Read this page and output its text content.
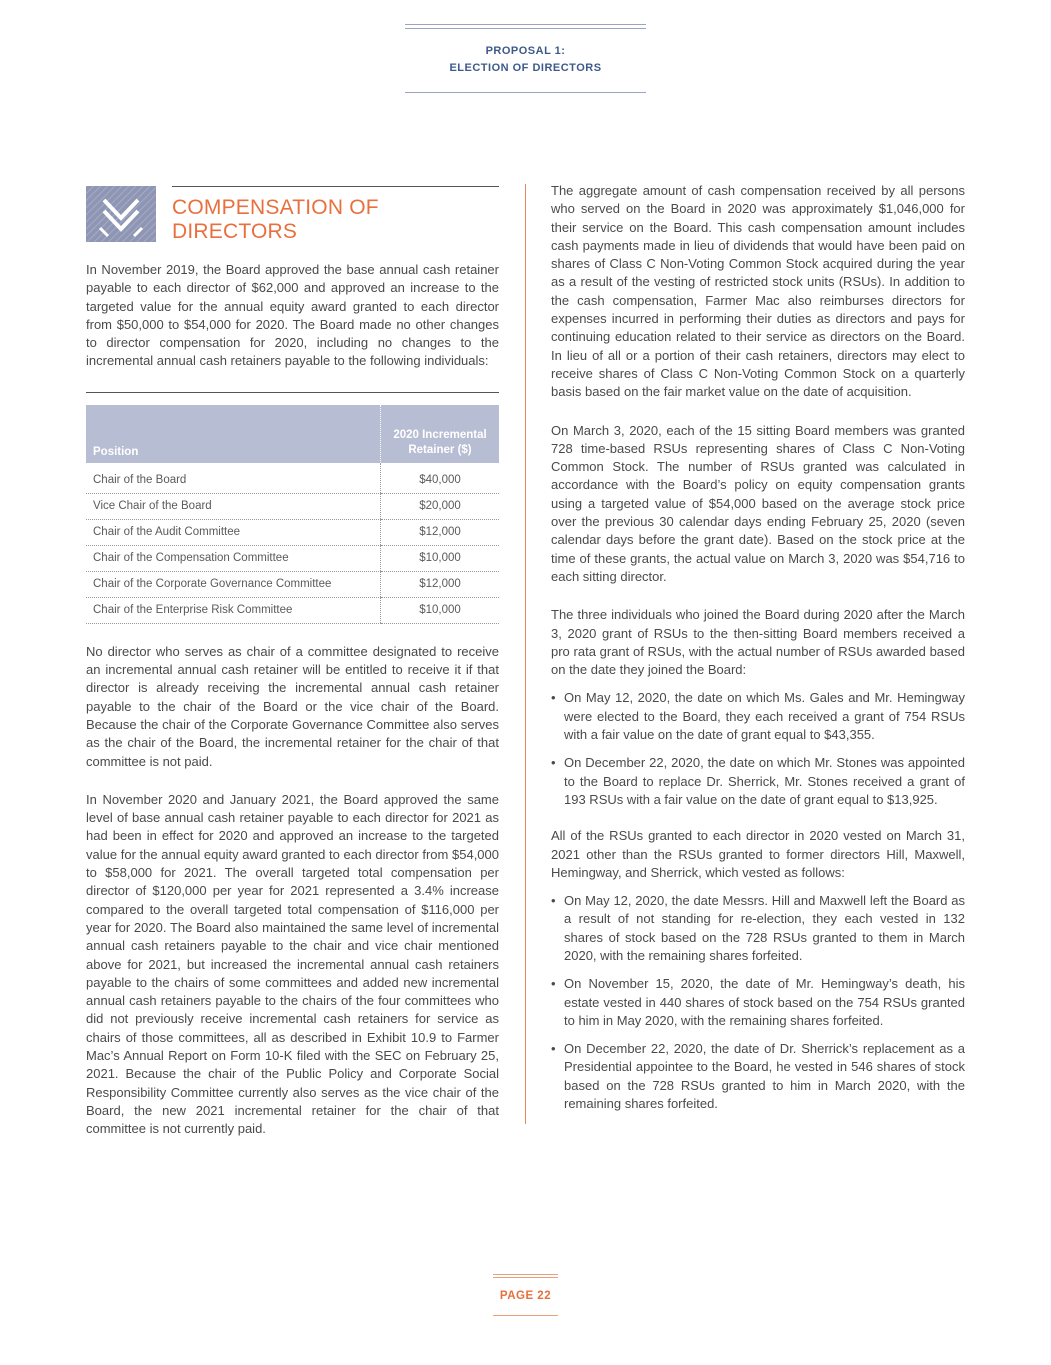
PROPOSAL 1:
ELECTION OF DIRECTORS
COMPENSATION OF DIRECTORS

In November 2019, the Board approved the base annual cash retainer payable to each director of $62,000 and approved an increase to the targeted value for the annual equity award granted to each director from $50,000 to $54,000 for 2020. The Board made no other changes to director compensation for 2020, including no changes to the incremental annual cash retainers payable to the following individuals:

Position	2020 Incremental Retainer ($)
Chair of the Board	$40,000
Vice Chair of the Board	$20,000
Chair of the Audit Committee	$12,000
Chair of the Compensation Committee	$10,000
Chair of the Corporate Governance Committee	$12,000
Chair of the Enterprise Risk Committee	$10,000

No director who serves as chair of a committee designated to receive an incremental annual cash retainer will be entitled to receive it if that director is already receiving the incremental annual cash retainer payable to the chair of the Board or the vice chair of the Board. Because the chair of the Corporate Governance Committee also serves as the chair of the Board, the incremental retainer for the chair of that committee is not paid.

In November 2020 and January 2021, the Board approved the same level of base annual cash retainer payable to each director for 2021 as had been in effect for 2020 and approved an increase to the targeted value for the annual equity award granted to each director from $54,000 to $58,000 for 2021. The overall targeted total compensation per director of $120,000 per year for 2021 represented a 3.4% increase compared to the overall targeted total compensation of $116,000 per year for 2020. The Board also maintained the same level of incremental annual cash retainers payable to the chair and vice chair mentioned above for 2021, but increased the incremental annual cash retainers payable to the chairs of some committees and added new incremental annual cash retainers payable to the chairs of the four committees who did not previously receive incremental cash retainers for service as chairs of those committees, all as described in Exhibit 10.9 to Farmer Mac’s Annual Report on Form 10-K filed with the SEC on February 25, 2021. Because the chair of the Public Policy and Corporate Social Responsibility Committee currently also serves as the vice chair of the Board, the new 2021 incremental retainer for the chair of that committee is not currently paid.

The aggregate amount of cash compensation received by all persons who served on the Board in 2020 was approximately $1,046,000 for their service on the Board. This cash compensation amount includes cash payments made in lieu of dividends that would have been paid on shares of Class C Non-Voting Common Stock acquired during the year as a result of the vesting of restricted stock units (RSUs). In addition to the cash compensation, Farmer Mac also reimburses directors for expenses incurred in performing their duties as directors and pays for continuing education related to their service as directors on the Board. In lieu of all or a portion of their cash retainers, directors may elect to receive shares of Class C Non-Voting Common Stock on a quarterly basis based on the fair market value on the date of acquisition.

On March 3, 2020, each of the 15 sitting Board members was granted 728 time-based RSUs representing shares of Class C Non-Voting Common Stock. The number of RSUs granted was calculated in accordance with the Board’s policy on equity compensation grants using a targeted value of $54,000 based on the average stock price over the previous 30 calendar days ending February 25, 2020 (seven calendar days before the grant date). Based on the stock price at the time of these grants, the actual value on March 3, 2020 was $54,716 to each sitting director.

The three individuals who joined the Board during 2020 after the March 3, 2020 grant of RSUs to the then-sitting Board members received a pro rata grant of RSUs, with the actual number of RSUs awarded based on the date they joined the Board:

• On May 12, 2020, the date on which Ms. Gales and Mr. Hemingway were elected to the Board, they each received a grant of 754 RSUs with a fair value on the date of grant equal to $43,355.
• On December 22, 2020, the date on which Mr. Stones was appointed to the Board to replace Dr. Sherrick, Mr. Stones received a grant of 193 RSUs with a fair value on the date of grant equal to $13,925.

All of the RSUs granted to each director in 2020 vested on March 31, 2021 other than the RSUs granted to former directors Hill, Maxwell, Hemingway, and Sherrick, which vested as follows:

• On May 12, 2020, the date Messrs. Hill and Maxwell left the Board as a result of not standing for re-election, they each vested in 132 shares of stock based on the 728 RSUs granted to them in March 2020, with the remaining shares forfeited.
• On November 15, 2020, the date of Mr. Hemingway’s death, his estate vested in 440 shares of stock based on the 754 RSUs granted to him in May 2020, with the remaining shares forfeited.
• On December 22, 2020, the date of Dr. Sherrick’s replacement as a Presidential appointee to the Board, he vested in 546 shares of stock based on the 728 RSUs granted to him in March 2020, with the remaining shares forfeited.
PAGE 22
